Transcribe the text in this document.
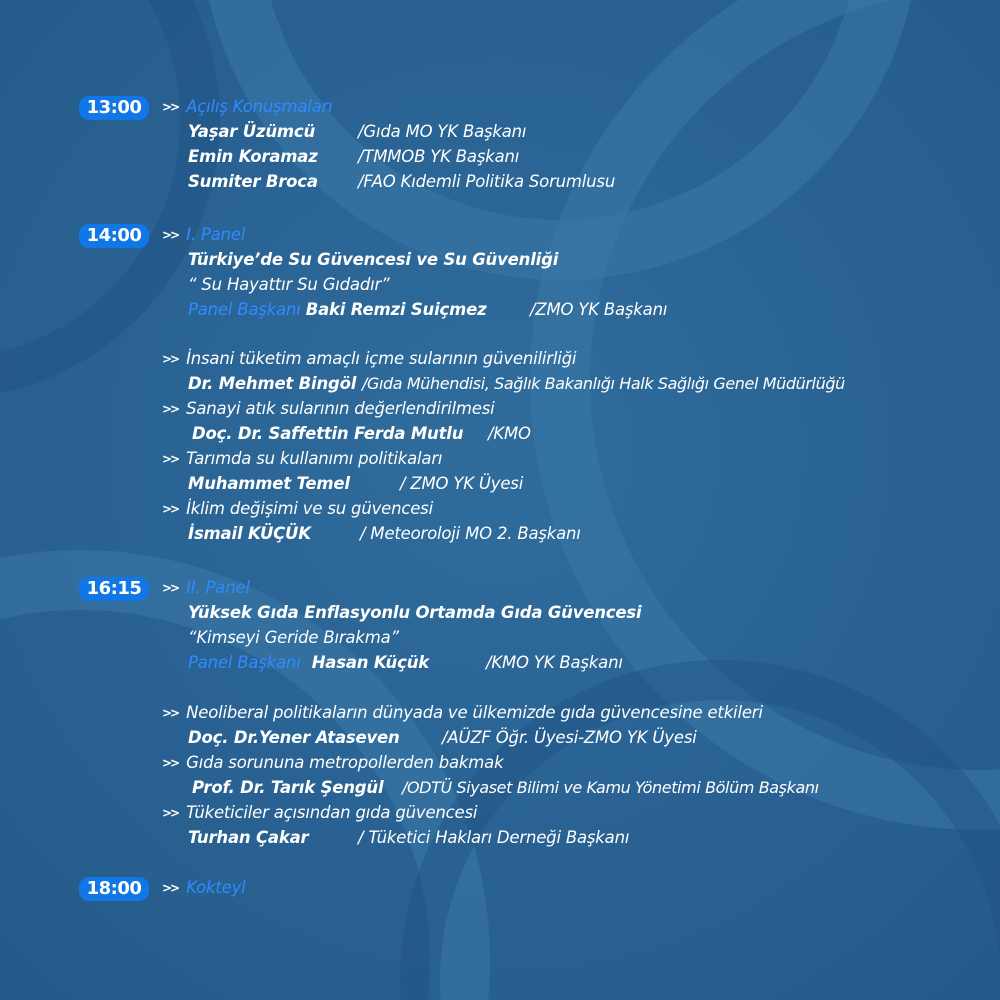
13:00	>> Açılış Konuşmaları
Yaşar Üzümcü	/Gıda MO YK Başkanı
Emin Koramaz /TMMOB YK Başkanı
Sumiter Broca /FAO Kıdemli Politika Sorumlusu
14:00	>> I. Panel
Türkiye’de Su Güvencesi ve Su Güvenliği
“ Su Hayattır Su Gıdadır”
Panel Başkanı Baki Remzi Suiçmez	/ZMO YK Başkanı
>> İnsani tüketim amaçlı içme sularının güvenilirliği
Dr. Mehmet Bingöl /Gıda Mühendisi, Sağlık Bakanlığı Halk Sağlığı Genel Müdürlüğü
>> Sanayi atık sularının değerlendirilmesi
Doç. Dr. Saffettin Ferda Mutlu /KMO
>> Tarımda su kullanımı politikaları
Muhammet Temel	/ ZMO YK Üyesi
>> İklim değişimi ve su güvencesi
İsmail KÜÇÜK	/ Meteoroloji MO 2. Başkanı
16:15	>> II. Panel
Yüksek Gıda Enflasyonlu Ortamda Gıda Güvencesi
“Kimseyi Geride Bırakma”
Panel Başkanı Hasan Küçük	/KMO YK Başkanı
>> Neoliberal politikaların dünyada ve ülkemizde gıda güvencesine etkileri
Doç. Dr.Yener Ataseven	/AÜZF Öğr. Üyesi-ZMO YK Üyesi
>> Gıda sorununa metropollerden bakmak
Prof. Dr. Tarık Şengül /ODTÜ Siyaset Bilimi ve Kamu Yönetimi Bölüm Başkanı
>> Tüketiciler açısından gıda güvencesi
Turhan Çakar	/ Tüketici Hakları Derneği Başkanı
18:00	>> Kokteyl
